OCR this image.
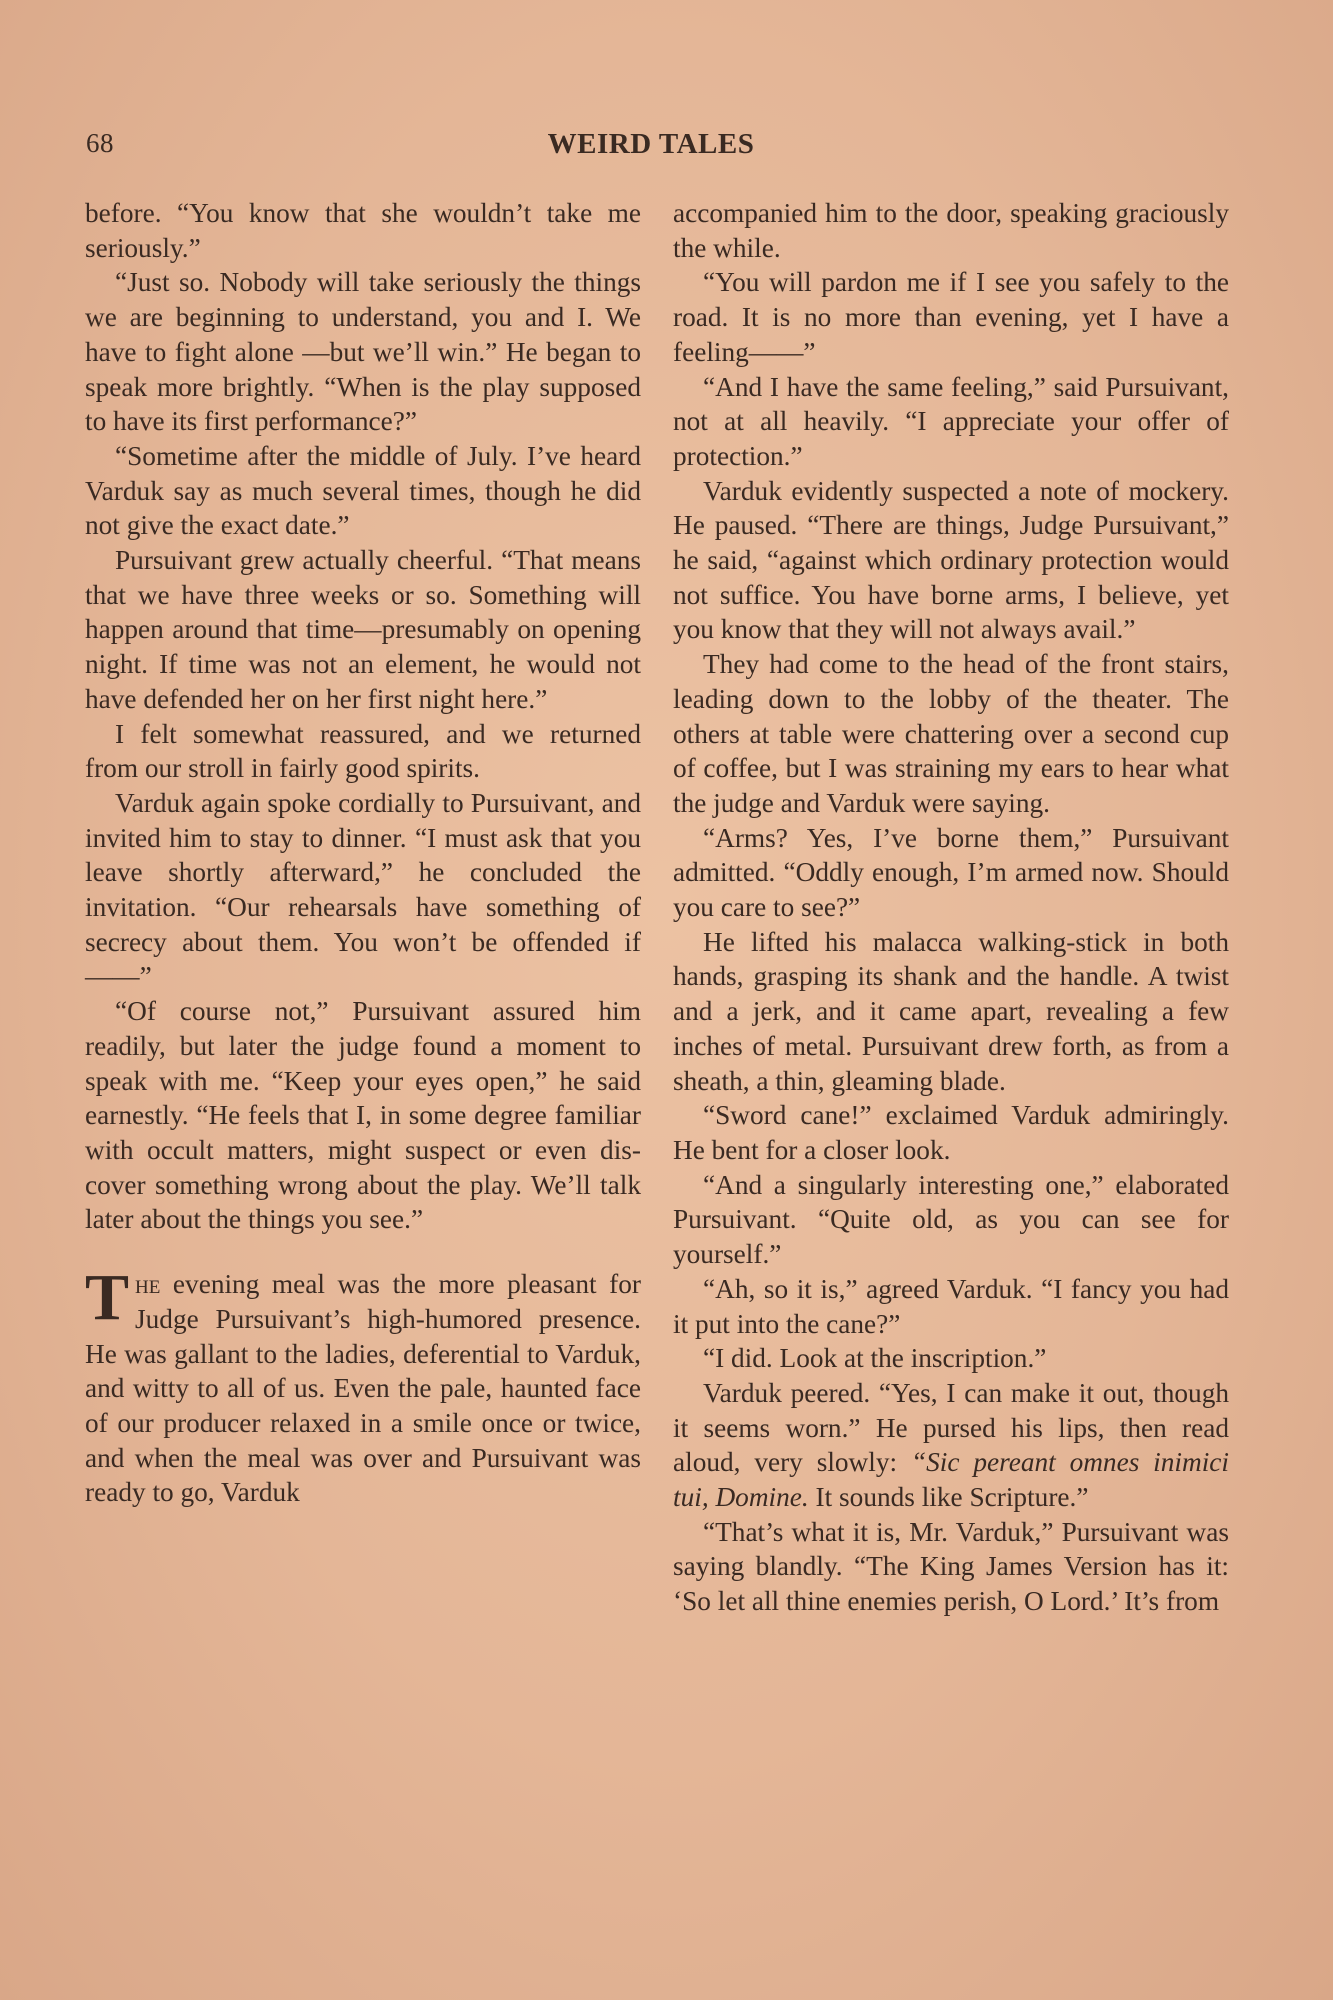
68	WEIRD TALES

before. “You know that she wouldn’t take me seriously.”

“Just so. Nobody will take seriously the things we are beginning to understand, you and I. We have to fight alone —but we’ll win.” He began to speak more brightly. “When is the play supposed to have its first performance?”

“Sometime after the middle of July. I’ve heard Varduk say as much several times, though he did not give the exact date.”

Pursuivant grew actually cheerful. “That means that we have three weeks or so. Something will happen around that time—presumably on opening night. If time was not an element, he would not have defended her on her first night here.”

I felt somewhat reassured, and we returned from our stroll in fairly good spirits.

Varduk again spoke cordially to Pursuivant, and invited him to stay to dinner. “I must ask that you leave shortly afterward,” he concluded the invitation. “Our rehearsals have something of secrecy about them. You won’t be offended if——”

“Of course not,” Pursuivant assured him readily, but later the judge found a moment to speak with me. “Keep your eyes open,” he said earnestly. “He feels that I, in some degree familiar with occult matters, might suspect or even discover something wrong about the play. We’ll talk later about the things you see.”

The evening meal was the more pleasant for Judge Pursuivant’s high-humored presence. He was gallant to the ladies, deferential to Varduk, and witty to all of us. Even the pale, haunted face of our producer relaxed in a smile once or twice, and when the meal was over and Pursuivant was ready to go, Varduk

accompanied him to the door, speaking graciously the while.

“You will pardon me if I see you safely to the road. It is no more than evening, yet I have a feeling——”

“And I have the same feeling,” said Pursuivant, not at all heavily. “I appreciate your offer of protection.”

Varduk evidently suspected a note of mockery. He paused. “There are things, Judge Pursuivant,” he said, “against which ordinary protection would not suffice. You have borne arms, I believe, yet you know that they will not always avail.”

They had come to the head of the front stairs, leading down to the lobby of the theater. The others at table were chattering over a second cup of coffee, but I was straining my ears to hear what the judge and Varduk were saying.

“Arms? Yes, I’ve borne them,” Pursuivant admitted. “Oddly enough, I’m armed now. Should you care to see?”

He lifted his malacca walking-stick in both hands, grasping its shank and the handle. A twist and a jerk, and it came apart, revealing a few inches of metal. Pursuivant drew forth, as from a sheath, a thin, gleaming blade.

“Sword cane!” exclaimed Varduk admiringly. He bent for a closer look.

“And a singularly interesting one,” elaborated Pursuivant. “Quite old, as you can see for yourself.”

“Ah, so it is,” agreed Varduk. “I fancy you had it put into the cane?”

“I did. Look at the inscription.”

Varduk peered. “Yes, I can make it out, though it seems worn.” He pursed his lips, then read aloud, very slowly: “Sic pereant omnes inimici tui, Domine. It sounds like Scripture.”

“That’s what it is, Mr. Varduk,” Pursuivant was saying blandly. “The King James Version has it: ‘So let all thine enemies perish, O Lord.’ It’s from
